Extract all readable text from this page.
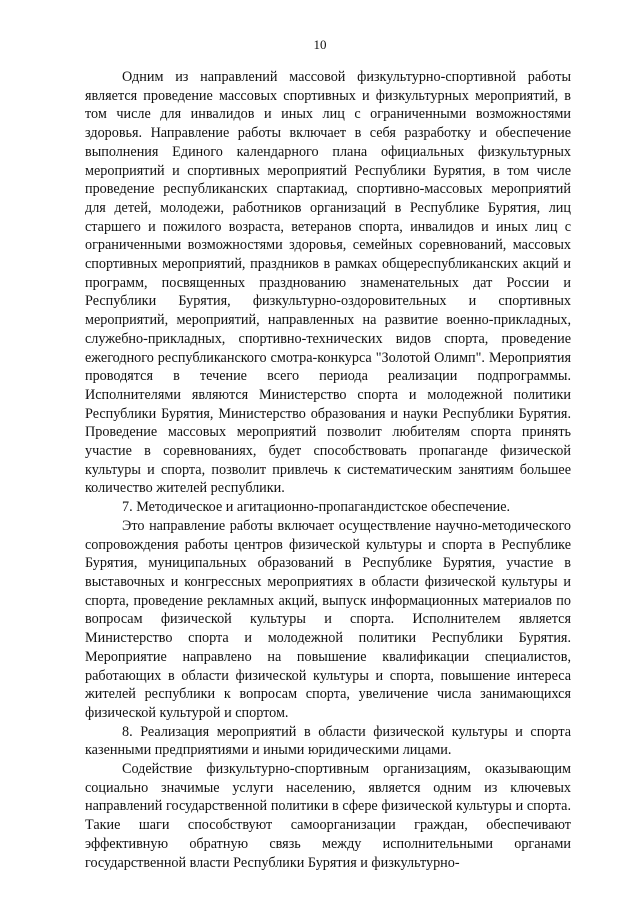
10

Одним из направлений массовой физкультурно-спортивной работы является проведение массовых спортивных и физкультурных мероприятий, в том числе для инвалидов и иных лиц с ограниченными возможностями здоровья. Направление работы включает в себя разработку и обеспечение выполнения Единого календарного плана официальных физкультурных мероприятий и спортивных мероприятий Республики Бурятия, в том числе проведение республиканских спартакиад, спортивно-массовых мероприятий для детей, молодежи, работников организаций в Республике Бурятия, лиц старшего и пожилого возраста, ветеранов спорта, инвалидов и иных лиц с ограниченными возможностями здоровья, семейных соревнований, массовых спортивных мероприятий, праздников в рамках общереспубликанских акций и программ, посвященных празднованию знаменательных дат России и Республики Бурятия, физкультурно-оздоровительных и спортивных мероприятий, мероприятий, направленных на развитие военно-прикладных, служебно-прикладных, спортивно-технических видов спорта, проведение ежегодного республиканского смотра-конкурса "Золотой Олимп". Мероприятия проводятся в течение всего периода реализации подпрограммы. Исполнителями являются Министерство спорта и молодежной политики Республики Бурятия, Министерство образования и науки Республики Бурятия. Проведение массовых мероприятий позволит любителям спорта принять участие в соревнованиях, будет способствовать пропаганде физической культуры и спорта, позволит привлечь к систематическим занятиям большее количество жителей республики.

7. Методическое и агитационно-пропагандистское обеспечение.

Это направление работы включает осуществление научно-методического сопровождения работы центров физической культуры и спорта в Республике Бурятия, муниципальных образований в Республике Бурятия, участие в выставочных и конгрессных мероприятиях в области физической культуры и спорта, проведение рекламных акций, выпуск информационных материалов по вопросам физической культуры и спорта. Исполнителем является Министерство спорта и молодежной политики Республики Бурятия. Мероприятие направлено на повышение квалификации специалистов, работающих в области физической культуры и спорта, повышение интереса жителей республики к вопросам спорта, увеличение числа занимающихся физической культурой и спортом.

8. Реализация мероприятий в области физической культуры и спорта казенными предприятиями и иными юридическими лицами.

Содействие физкультурно-спортивным организациям, оказывающим социально значимые услуги населению, является одним из ключевых направлений государственной политики в сфере физической культуры и спорта. Такие шаги способствуют самоорганизации граждан, обеспечивают эффективную обратную связь между исполнительными органами государственной власти Республики Бурятия и физкультурно-
